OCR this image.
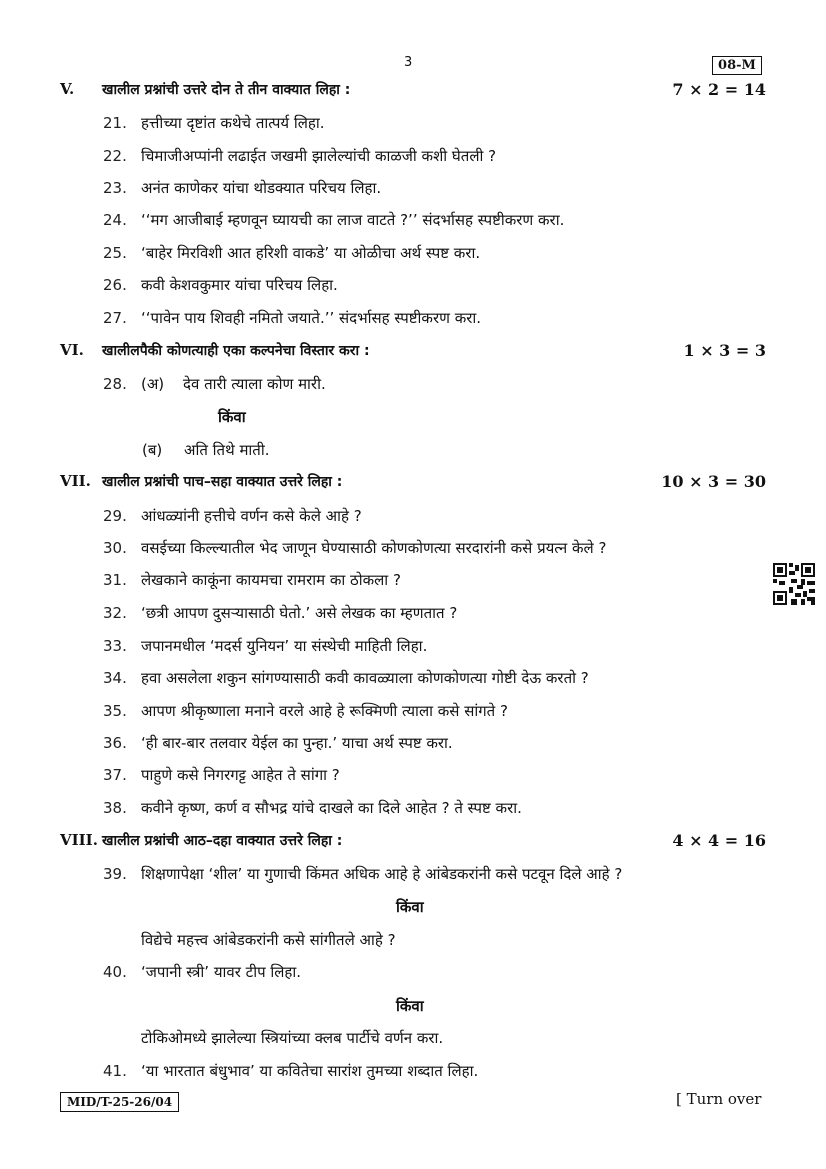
3	08-M
V. खालील प्रश्नांची उत्तरे दोन ते तीन वाक्यात लिहा :	7 × 2 = 14
21. हत्तीच्या दृष्टांत कथेचे तात्पर्य लिहा.
22. चिमाजीअप्पांनी लढाईत जखमी झालेल्यांची काळजी कशी घेतली ?
23. अनंत काणेकर यांचा थोडक्यात परिचय लिहा.
24. ‘‘मग आजीबाई म्हणवून घ्यायची का लाज वाटते ?’’ संदर्भासह स्पष्टीकरण करा.
25. ‘बाहेर मिरविशी आत हरिशी वाकडे’ या ओळीचा अर्थ स्पष्ट करा.
26. कवी केशवकुमार यांचा परिचय लिहा.
27. ‘‘पावेन पाय शिवही नमितो जयाते.’’ संदर्भासह स्पष्टीकरण करा.
VI. खालीलपैकी कोणत्याही एका कल्पनेचा विस्तार करा :	1 × 3 = 3
28. (अ) देव तारी त्याला कोण मारी.
किंवा
(ब) अति तिथे माती.
VII. खालील प्रश्नांची पाच–सहा वाक्यात उत्तरे लिहा :	10 × 3 = 30
29. आंधळ्यांनी हत्तीचे वर्णन कसे केले आहे ?
30. वसईच्या किल्ल्यातील भेद जाणून घेण्यासाठी कोणकोणत्या सरदारांनी कसे प्रयत्न केले ?
31. लेखकाने काकूंना कायमचा रामराम का ठोकला ?
32. ‘छत्री आपण दुसऱ्यासाठी घेतो.’ असे लेखक का म्हणतात ?
33. जपानमधील ‘मदर्स युनियन’ या संस्थेची माहिती लिहा.
34. हवा असलेला शकुन सांगण्यासाठी कवी कावळ्याला कोणकोणत्या गोष्टी देऊ करतो ?
35. आपण श्रीकृष्णाला मनाने वरले आहे हे रूक्मिणी त्याला कसे सांगते ?
36. ‘ही बार-बार तलवार येईल का पुन्हा.’ याचा अर्थ स्पष्ट करा.
37. पाहुणे कसे निगरगट्ट आहेत ते सांगा ?
38. कवीने कृष्ण, कर्ण व सौभद्र यांचे दाखले का दिले आहेत ? ते स्पष्ट करा.
VIII. खालील प्रश्नांची आठ–दहा वाक्यात उत्तरे लिहा :	4 × 4 = 16
39. शिक्षणापेक्षा ‘शील’ या गुणाची किंमत अधिक आहे हे आंबेडकरांनी कसे पटवून दिले आहे ?
किंवा
विद्येचे महत्त्व आंबेडकरांनी कसे सांगीतले आहे ?
40. ‘जपानी स्त्री’ यावर टीप लिहा.
किंवा
टोकिओमध्ये झालेल्या स्त्रियांच्या क्लब पार्टीचे वर्णन करा.
41. ‘या भारतात बंधुभाव’ या कवितेचा सारांश तुमच्या शब्दात लिहा.
MID/T-25-26/04	[ Turn over
